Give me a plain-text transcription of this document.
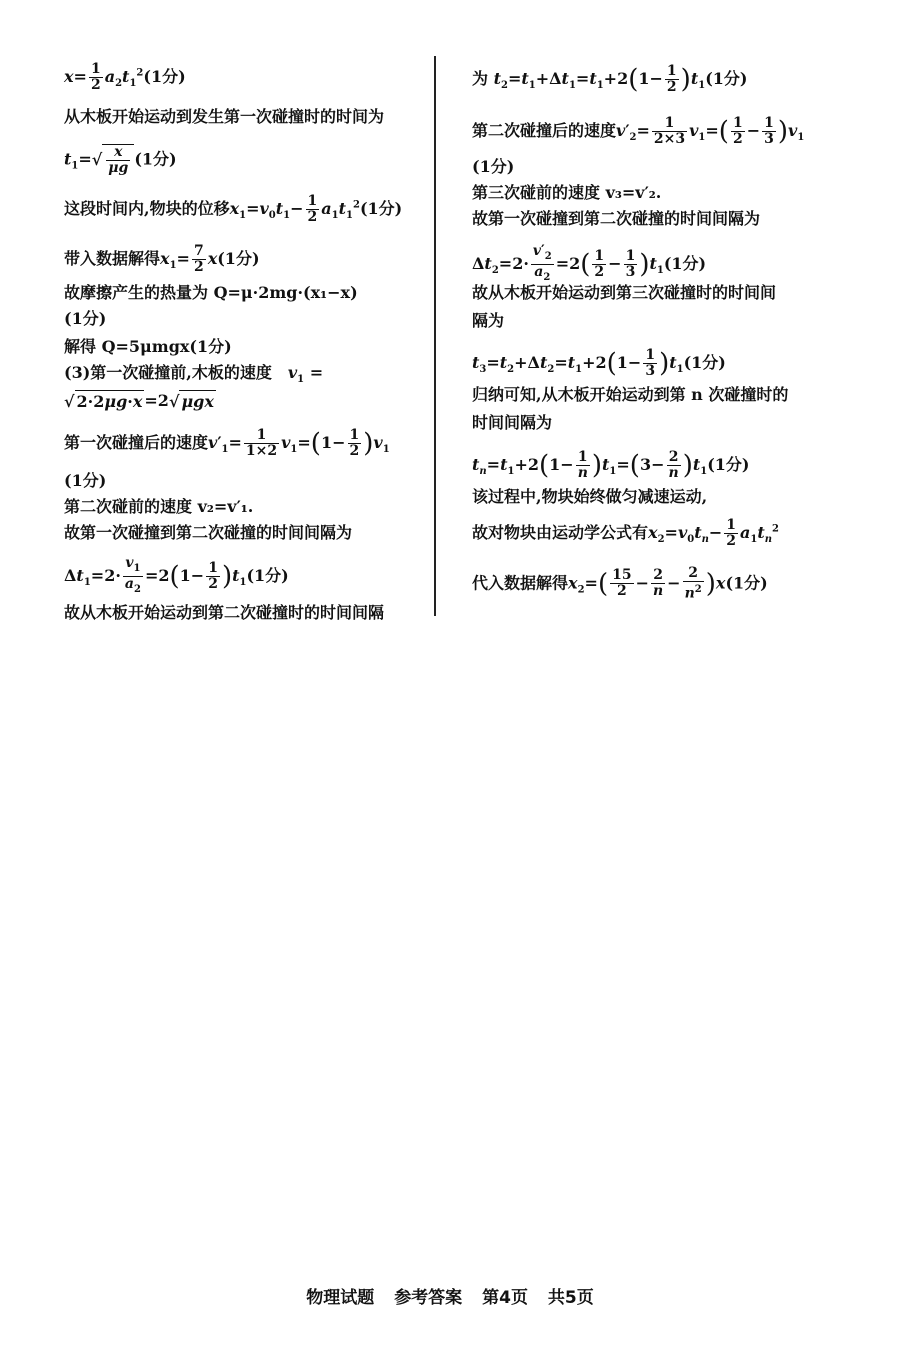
$x= \frac{1}{2} a_2t_1^2(1$分)
从木板开始运动到发生第一次碰撞时的时间为
$t_1=√ \frac{x}{\mu g} (1$分)
这段时间内,物块的位移$x_1=v_0t_1- \frac{1}{2} a_1t_1^2(1$分)
带入数据解得$x_1= \frac{7}{2} x(1$分)
故摩擦产生的热量为 Q=μ·2mg·(x₁−x)
(1分)
解得 Q=5μmgx(1分)
(3)第一次碰撞前,木板的速度  $v_1$ =
√ 2·2μg·x =2√ μgx
第一次碰撞后的速度$v'_1= \frac{1}{1\times 2} v_1=(1- \frac{1}{2} )v_1$
(1分)
第二次碰前的速度 v₂=v′₁.
故第一次碰撞到第二次碰撞的时间间隔为
$\Delta t_1=2\cdot \frac{v_1}{a_2} =2(1- \frac{1}{2} )t_1(1$分)
故从木板开始运动到第二次碰撞时的时间间隔
为 $t_2=t_1+\Delta t_1=t_1+2(1- \frac{1}{2} )t_1(1$分)
第二次碰撞后的速度$v'_2= \frac{1}{2\times 3} v_1=( \frac{1}{2} - \frac{1}{3} )v_1$
(1分)
第三次碰前的速度 v₃=v′₂.
故第一次碰撞到第二次碰撞的时间间隔为
$\Delta t_2=2\cdot \frac{v'_2}{a_2} =2( \frac{1}{2} - \frac{1}{3} )t_1(1$分)
故从木板开始运动到第三次碰撞时的时间间
隔为
$t_3=t_2+\Delta t_2=t_1+2(1- \frac{1}{3} )t_1(1$分)
归纳可知,从木板开始运动到第 n 次碰撞时的
时间间隔为
$t_n=t_1+2(1- \frac{1}{n} )t_1=(3- \frac{2}{n} )t_1(1$分)
该过程中,物块始终做匀减速运动,
故对物块由运动学公式有$x_2=v_0t_n- \frac{1}{2} a_1t_n^2$
代入数据解得$x_2=( \frac{15}{2} - \frac{2}{n} - \frac{2}{n^2} )x(1$分)
物理试题 参考答案 第4页 共5页
